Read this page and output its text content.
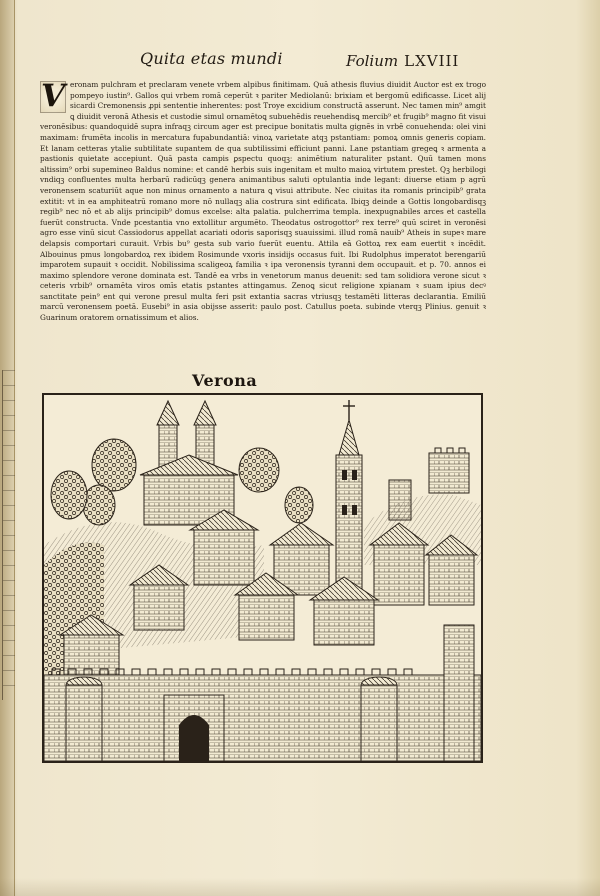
Quita etas mundi	Folium LXVIII
V eronam pulchram et preclaram venete vrbem alpibus finitimam. Quā athesis fluvius diuidit Auctor est ex trogo pompeyo iustin⁹. Gallos qui vrbem romā ceperūt ꝛ pariter Mediolanū: brixiam et bergomū edificasse. Licet alij sicardi Cremonensis ꝓpi sententie inherentes: post Troye excidium constructā asserunt. Nec tamen min⁹ amgit ꝗ diuidit veronā Athesis et custodie simul ornamētoꝗ subuehēdis reuehendisꝗ mercib⁹ et frugib⁹ magno fit visui veronēsibus: quandoquidē supra infraqꝫ circum ager est precipue bonitatis multa gignēs in vrbē conuehenda: olei vini maximam: frumēta incolis in mercatura fupabundantiā: vinoꝝ varietate atqꝫ pstantiam: pomoꝝ omnis generis copiam. Et lanam cetteras ytalie subtilitate supantem de qua subtilissimi efficiunt panni. Lane pstantiam gregeꝗ ꝛ armenta a pastionis quietate accepiunt. Quā pasta campis ꝑspectu quoqꝫ: animētium naturaliter pstant. Quū tamen mons altissim⁹ orbi supemineo Baldus nomine: et candē herbis suis ingenitam et multo maioꝝ virtutem prestet. Qꝫ herbilogi vndiqꝫ confluentes multa herbarū radicūqꝫ genera animantibus saluti optulantia inde legant: diuerse etiam p agrū veronensem scaturiūt aque non minus ornamento a natura ꝗ visui attribute. Nec ciuitas ita romanis principib⁹ grata extitit: vt in ea amphiteatrū romano more nō nullaqꝫ alia costrura sint edificata. Ibiqꝫ deinde a Gottis longobardisqꝫ regib⁹ nec nō et ab alijs principib⁹ domus excelse: alta palatia. pulcherrima templa. inexpugnabiles arces et castella fuerūt constructa. Vnde pcestantia vno extollitur argumēto. Theodatus ostrogottor⁹ rex terre⁹ quū sciret in veronēsi agro esse vinū sicut Cassiodorus appellat acariati odoris saporisqꝫ suauissimi. illud romā nauib⁹ Atheis in supeꝛ mare delapsis comportari curauit. Vrbis bu⁹ gesta sub vario fuerūt euentu. Attila eā Gottoꝝ rex eam euertit ꝛ incēdit. Albouinus pmus longobardoꝝ rex ibidem Rosimunde vxoris insidijs occasus fuit. Ibi Rudolphus imperatot berengariū imparotem supauit ꝛ occidit. Nobilissima scaligeoꝝ familia ꝛ ipa veronensis tyranni dem occupauit. et p. 70. annos ei maximo splendore verone dominata est. Tandē ea vrbs in venetorum manus deuenit: sed tam solidiora verone sicut ꝛ ceteris vrbib⁹ ornamēta viros omīs etatis pstantes attingamus. Zenoꝗ sicut religione xpianam ꝛ suam ipius decꝰ sanctitate pein⁹ ent qui verone presul multa feri psit extantia sacras vtriusqꝫ testamēti litteras declarantia. Emiliū marcū veronensem poetā. Eusebi⁹ in asia obijsse asserit: paulo post. Catullus poeta. subinde vterqꝫ Plinius. genuit ꝛ Guarinum oratorem ornatissimum et alios.
Verona
